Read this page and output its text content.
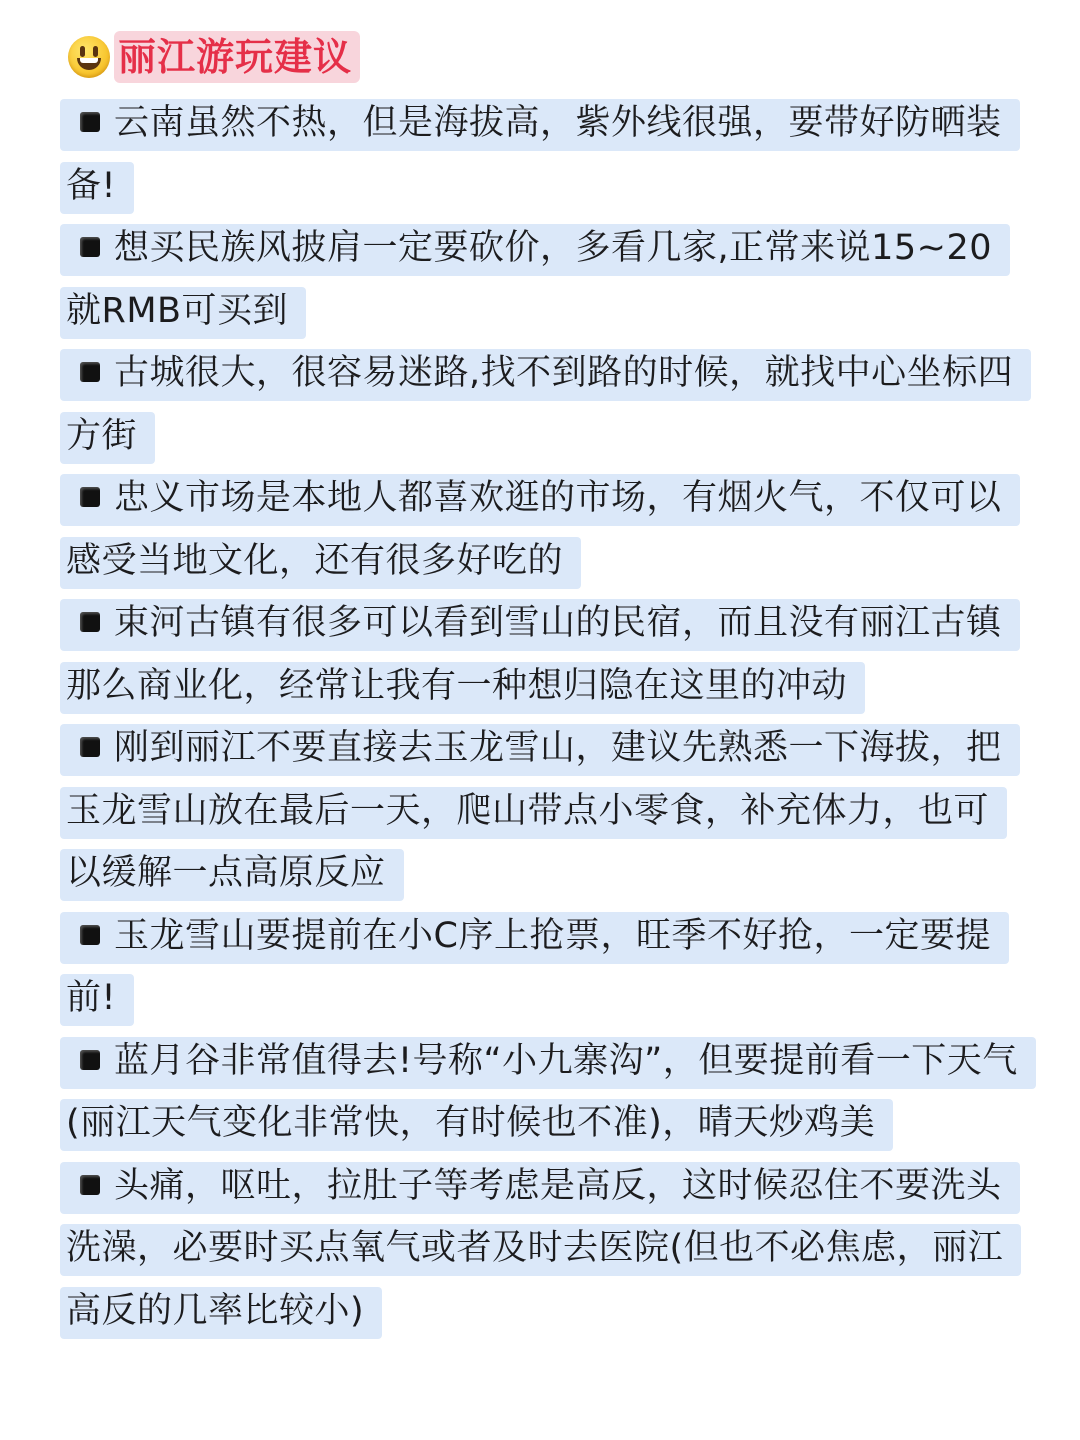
丽江游玩建议
云南虽然不热，但是海拔高，紫外线很强，要带好防晒装备!
想买民族风披肩一定要砍价，多看几家,正常来说15~20就RMB可买到
古城很大，很容易迷路,找不到路的时候，就找中心坐标四方街
忠义市场是本地人都喜欢逛的市场，有烟火气，不仅可以感受当地文化，还有很多好吃的
束河古镇有很多可以看到雪山的民宿，而且没有丽江古镇那么商业化，经常让我有一种想归隐在这里的冲动
刚到丽江不要直接去玉龙雪山，建议先熟悉一下海拔，把玉龙雪山放在最后一天，爬山带点小零食，补充体力，也可以缓解一点高原反应
玉龙雪山要提前在小C序上抢票，旺季不好抢，一定要提前!
蓝月谷非常值得去!号称“小九寨沟”，但要提前看一下天气(丽江天气变化非常快，有时候也不准)，晴天炒鸡美
头痛，呕吐，拉肚子等考虑是高反，这时候忍住不要洗头洗澡，必要时买点氧气或者及时去医院(但也不必焦虑，丽江高反的几率比较小)
